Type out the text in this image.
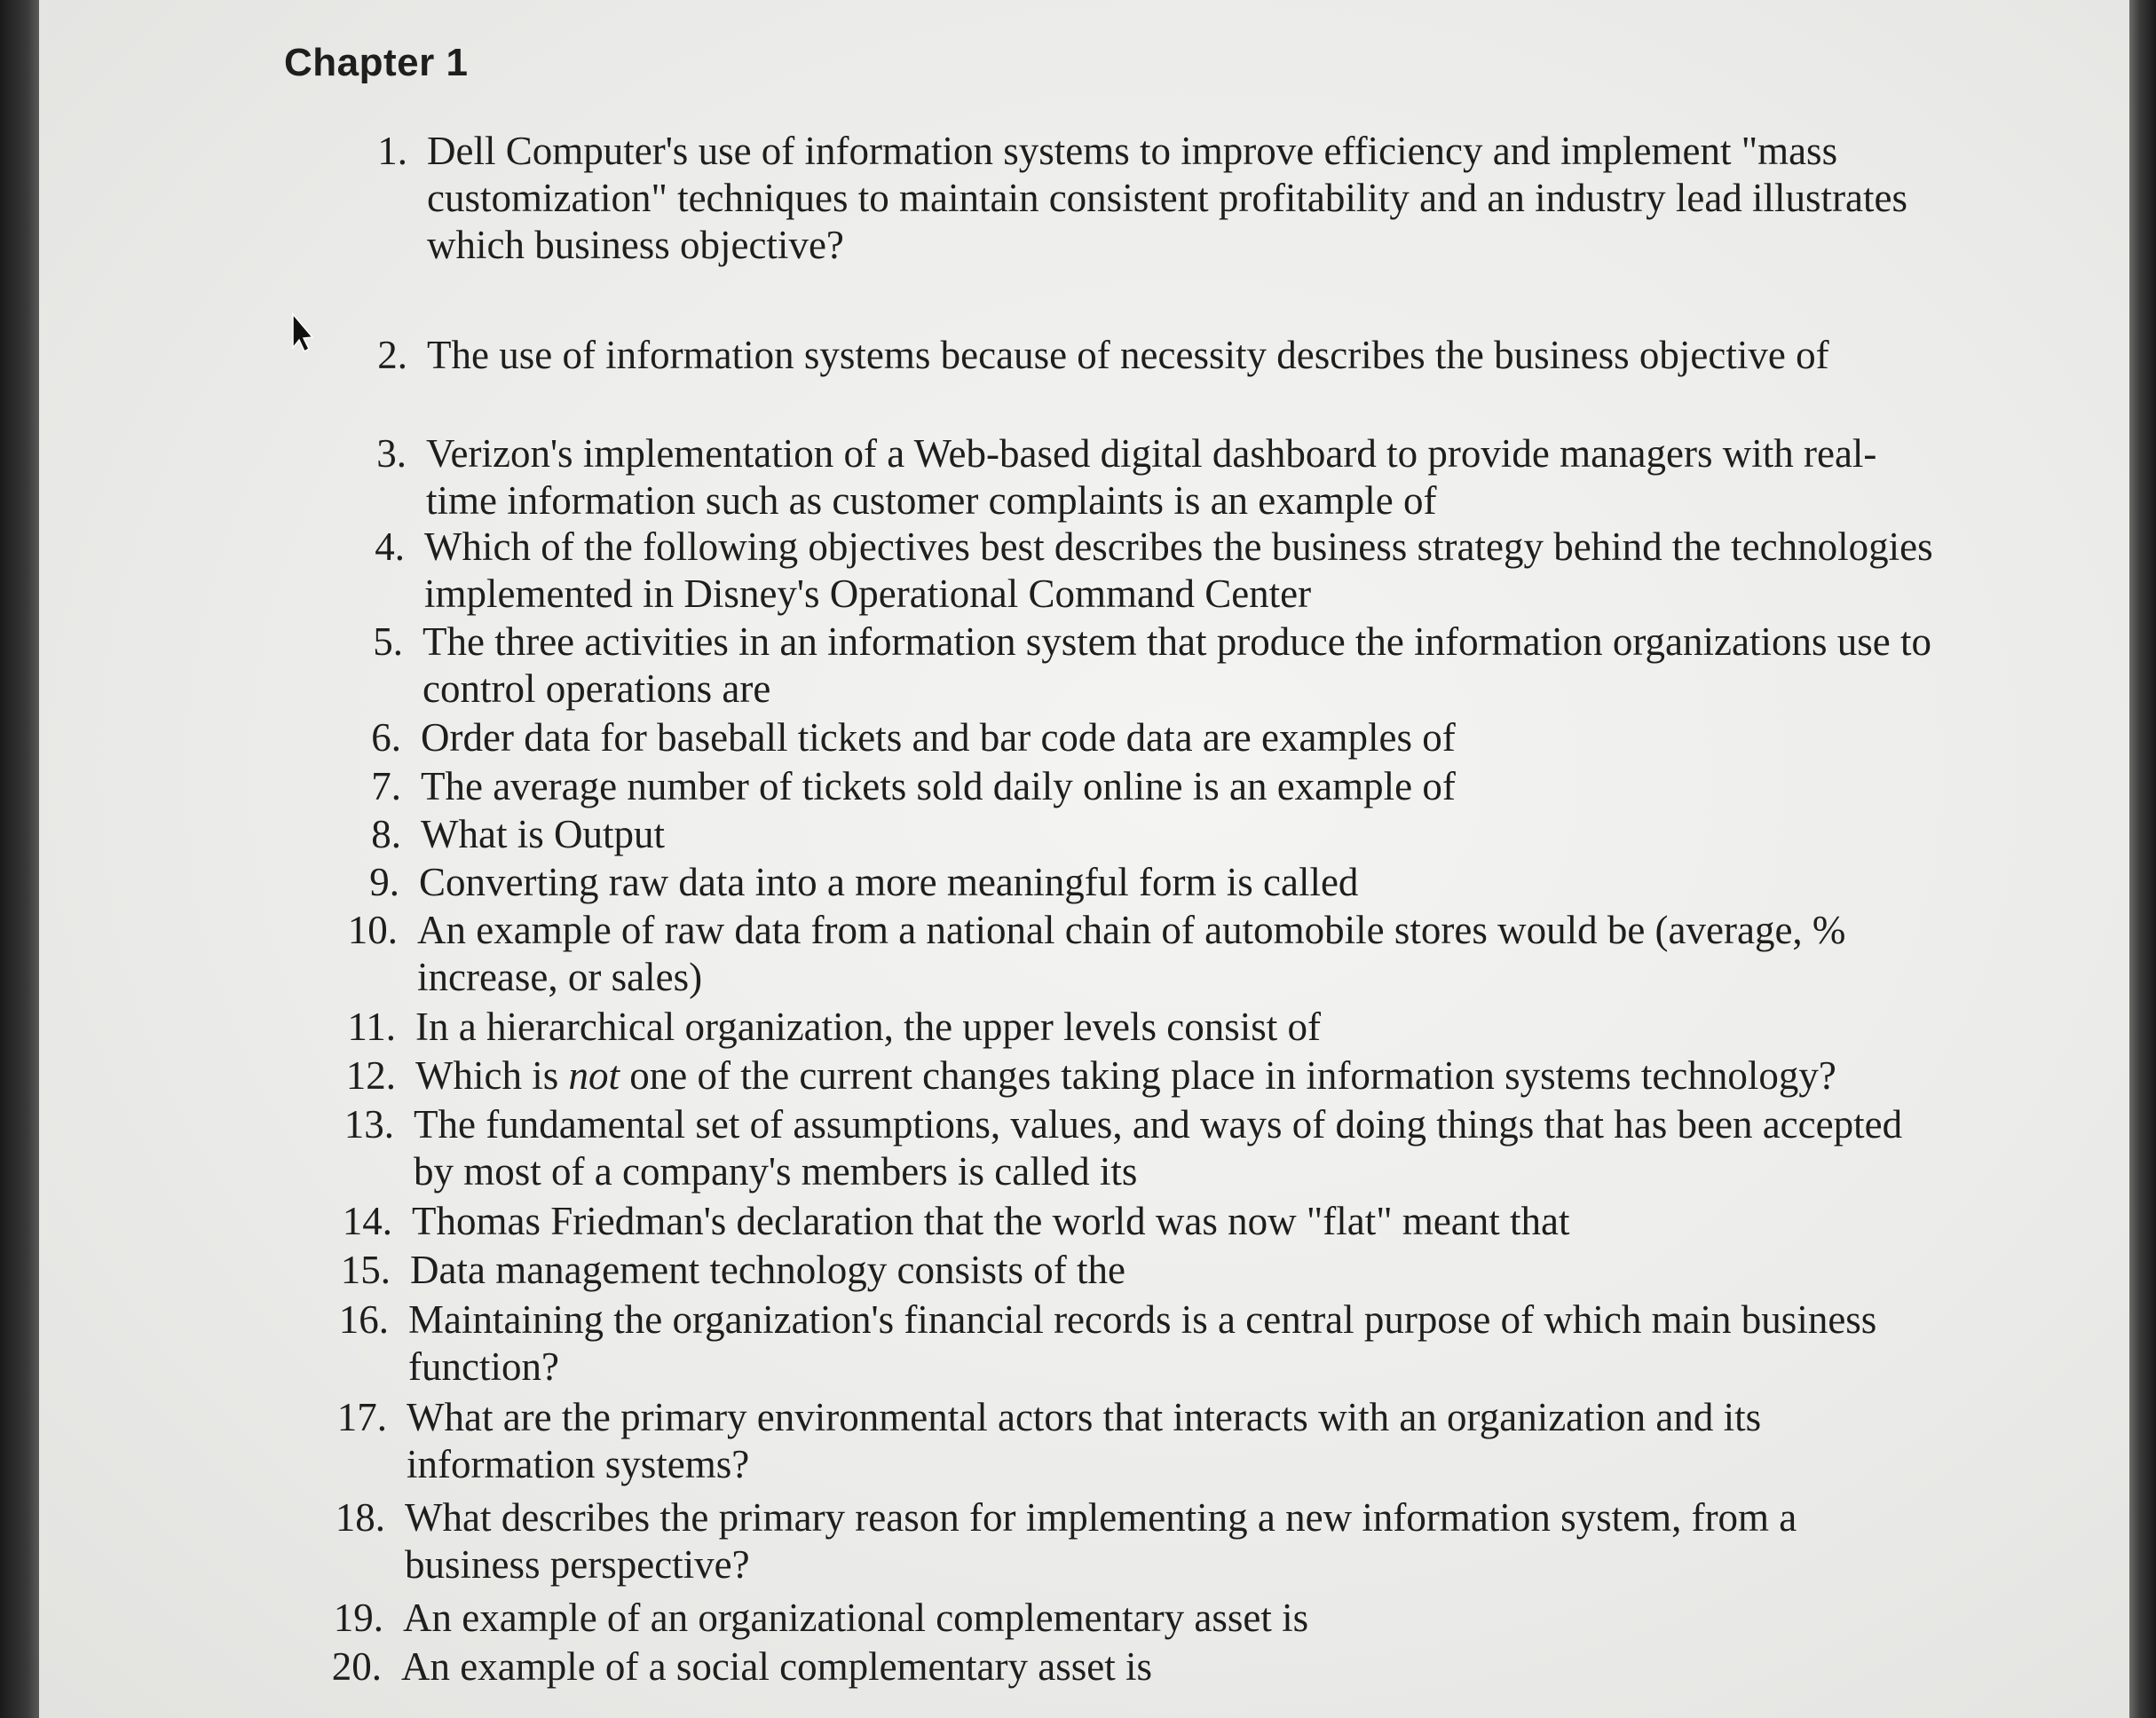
Chapter 1
1. Dell Computer's use of information systems to improve efficiency and implement "mass
customization" techniques to maintain consistent profitability and an industry lead illustrates
which business objective?
2. The use of information systems because of necessity describes the business objective of
3. Verizon's implementation of a Web-based digital dashboard to provide managers with real-
time information such as customer complaints is an example of
4. Which of the following objectives best describes the business strategy behind the technologies
implemented in Disney's Operational Command Center
5. The three activities in an information system that produce the information organizations use to
control operations are
6. Order data for baseball tickets and bar code data are examples of
7. The average number of tickets sold daily online is an example of
8. What is Output
9. Converting raw data into a more meaningful form is called
10. An example of raw data from a national chain of automobile stores would be (average, %
increase, or sales)
11. In a hierarchical organization, the upper levels consist of
12. Which is not one of the current changes taking place in information systems technology?
13. The fundamental set of assumptions, values, and ways of doing things that has been accepted
by most of a company's members is called its
14. Thomas Friedman's declaration that the world was now "flat" meant that
15. Data management technology consists of the
16. Maintaining the organization's financial records is a central purpose of which main business
function?
17. What are the primary environmental actors that interacts with an organization and its
information systems?
18. What describes the primary reason for implementing a new information system, from a
business perspective?
19. An example of an organizational complementary asset is
20. An example of a social complementary asset is
